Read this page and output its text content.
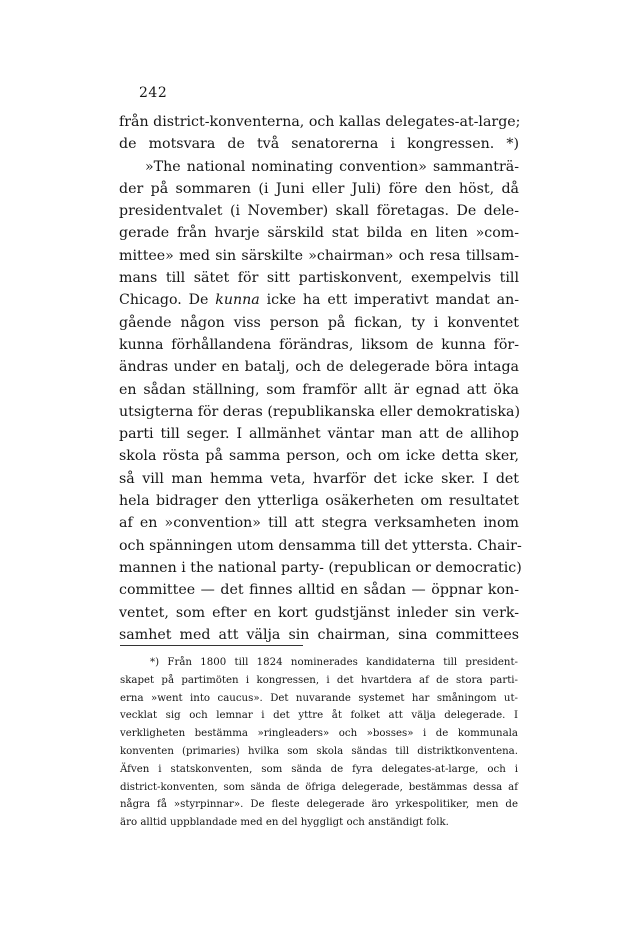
242
från district-konventerna, och kallas delegates-at-large;
de motsvara de två senatorerna i kongressen. *)
»The national nominating convention» sammanträ-
der på sommaren (i Juni eller Juli) före den höst, då
presidentvalet (i November) skall företagas. De dele-
gerade från hvarje särskild stat bilda en liten »com-
mittee» med sin särskilte »chairman» och resa tillsam-
mans till sätet för sitt partiskonvent, exempelvis till
Chicago. De kunna icke ha ett imperativt mandat an-
gående någon viss person på fickan, ty i konventet
kunna förhållandena förändras, liksom de kunna för-
ändras under en batalj, och de delegerade böra intaga
en sådan ställning, som framför allt är egnad att öka
utsigterna för deras (republikanska eller demokratiska)
parti till seger. I allmänhet väntar man att de allihop
skola rösta på samma person, och om icke detta sker,
så vill man hemma veta, hvarför det icke sker. I det
hela bidrager den ytterliga osäkerheten om resultatet
af en »convention» till att stegra verksamheten inom
och spänningen utom densamma till det yttersta. Chair-
mannen i the national party- (republican or democratic)
committee — det finnes alltid en sådan — öppnar kon-
ventet, som efter en kort gudstjänst inleder sin verk-
samhet med att välja sin chairman, sina committees
*) Från 1800 till 1824 nominerades kandidaterna till president-
skapet på partimöten i kongressen, i det hvartdera af de stora parti-
erna »went into caucus». Det nuvarande systemet har småningom ut-
vecklat sig och lemnar i det yttre åt folket att välja delegerade. I
verkligheten bestämma »ringleaders» och »bosses» i de kommunala
konventen (primaries) hvilka som skola sändas till distriktkonventena.
Äfven i statskonventen, som sända de fyra delegates-at-large, och i
district-konventen, som sända de öfriga delegerade, bestämmas dessa af
några få »styrpinnar». De fleste delegerade äro yrkespolitiker, men de
äro alltid uppblandade med en del hyggligt och anständigt folk.
